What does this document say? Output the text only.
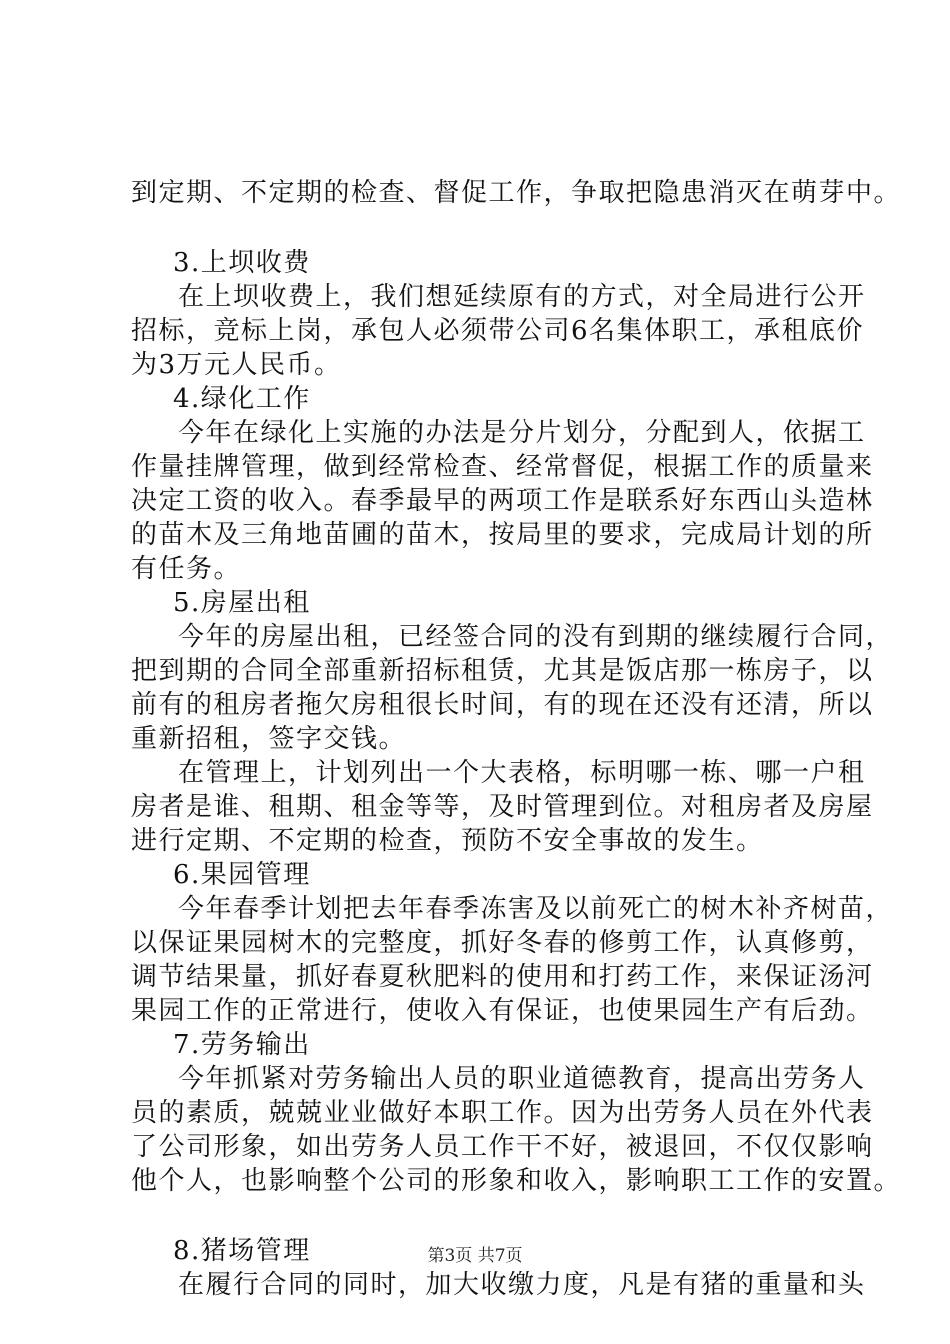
到定期、不定期的检查、督促工作，争取把隐患消灭在萌芽中。
3.上坝收费
在上坝收费上，我们想延续原有的方式，对全局进行公开
招标，竞标上岗，承包人必须带公司6名集体职工，承租底价
为3万元人民币。
4.绿化工作
今年在绿化上实施的办法是分片划分，分配到人，依据工
作量挂牌管理，做到经常检查、经常督促，根据工作的质量来
决定工资的收入。春季最早的两项工作是联系好东西山头造林
的苗木及三角地苗圃的苗木，按局里的要求，完成局计划的所
有任务。
5.房屋出租
今年的房屋出租，已经签合同的没有到期的继续履行合同，
把到期的合同全部重新招标租赁，尤其是饭店那一栋房子，以
前有的租房者拖欠房租很长时间，有的现在还没有还清，所以
重新招租，签字交钱。
在管理上，计划列出一个大表格，标明哪一栋、哪一户租
房者是谁、租期、租金等等，及时管理到位。对租房者及房屋
进行定期、不定期的检查，预防不安全事故的发生。
6.果园管理
今年春季计划把去年春季冻害及以前死亡的树木补齐树苗，
以保证果园树木的完整度，抓好冬春的修剪工作，认真修剪，
调节结果量，抓好春夏秋肥料的使用和打药工作，来保证汤河
果园工作的正常进行，使收入有保证，也使果园生产有后劲。
7.劳务输出
今年抓紧对劳务输出人员的职业道德教育，提高出劳务人
员的素质，兢兢业业做好本职工作。因为出劳务人员在外代表
了公司形象，如出劳务人员工作干不好，被退回，不仅仅影响
他个人，也影响整个公司的形象和收入，影响职工工作的安置。
8.猪场管理
在履行合同的同时，加大收缴力度，凡是有猪的重量和头
第3页 共7页
